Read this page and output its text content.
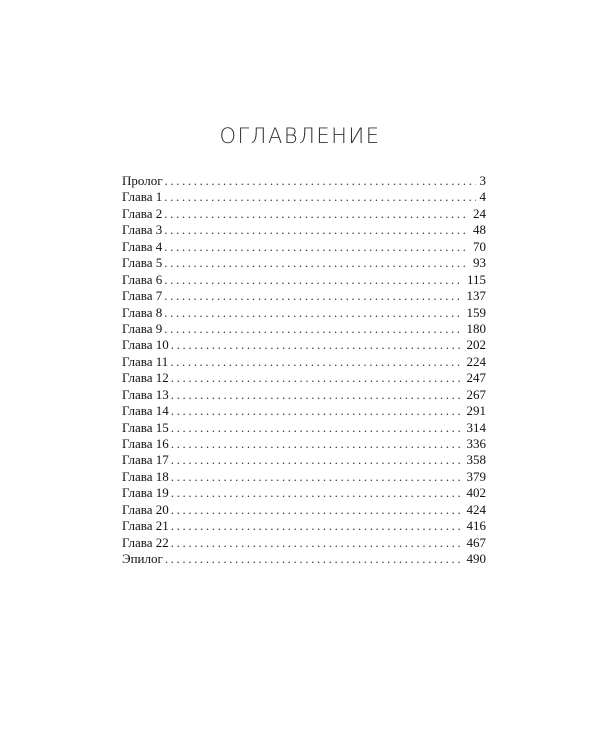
ОГЛАВЛЕНИЕ
Пролог .....	3
Глава 1 .....	4
Глава 2 .....	24
Глава 3 .....	48
Глава 4 .....	70
Глава 5 .....	93
Глава 6 .....	115
Глава 7 .....	137
Глава 8 .....	159
Глава 9 .....	180
Глава 10 .....	202
Глава 11 .....	224
Глава 12 .....	247
Глава 13 .....	267
Глава 14 .....	291
Глава 15 .....	314
Глава 16 .....	336
Глава 17 .....	358
Глава 18 .....	379
Глава 19 .....	402
Глава 20 .....	424
Глава 21 .....	416
Глава 22 .....	467
Эпилог .....	490
